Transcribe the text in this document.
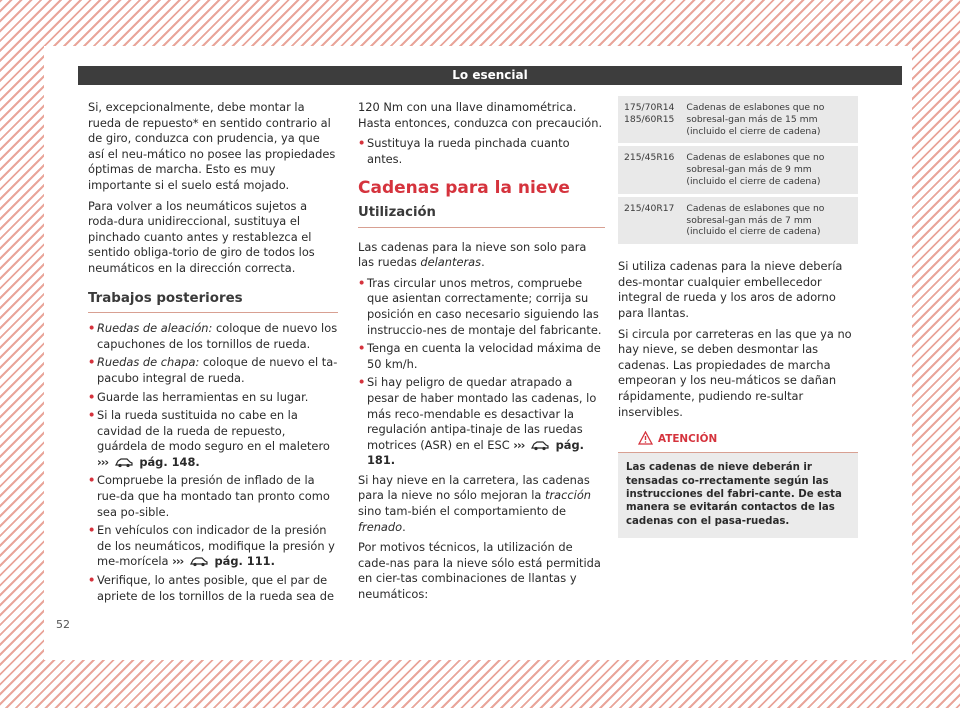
Lo esencial

Si, excepcionalmente, debe montar la rueda de repuesto* en sentido contrario al de giro, conduzca con prudencia, ya que así el neu-mático no posee las propiedades óptimas de marcha. Esto es muy importante si el suelo está mojado.

Para volver a los neumáticos sujetos a roda-dura unidireccional, sustituya el pinchado cuanto antes y restablezca el sentido obliga-torio de giro de todos los neumáticos en la dirección correcta.

Trabajos posteriores
• Ruedas de aleación: coloque de nuevo los capuchones de los tornillos de rueda.
• Ruedas de chapa: coloque de nuevo el ta-pacubo integral de rueda.
• Guarde las herramientas en su lugar.
• Si la rueda sustituida no cabe en la cavidad de la rueda de repuesto, guárdela de modo seguro en el maletero ›››	pág. 148.
• Compruebe la presión de inflado de la rue-da que ha montado tan pronto como sea po-sible.
• En vehículos con indicador de la presión de los neumáticos, modifique la presión y me-morícela ›››	pág. 111.
• Verifique, lo antes posible, que el par de apriete de los tornillos de la rueda sea de

120 Nm con una llave dinamométrica. Hasta entonces, conduzca con precaución.

• Sustituya la rueda pinchada cuanto antes.
Cadenas para la nieve
Utilización

Las cadenas para la nieve son solo para las ruedas delanteras.

• Tras circular unos metros, compruebe que asientan correctamente; corrija su posición en caso necesario siguiendo las instruccio-nes de montaje del fabricante.
• Tenga en cuenta la velocidad máxima de 50 km/h.
• Si hay peligro de quedar atrapado a pesar de haber montado las cadenas, lo más reco-mendable es desactivar la regulación antipa-tinaje de las ruedas motrices (ASR) en el ESC ›››	pág. 181.

Si hay nieve en la carretera, las cadenas para la nieve no sólo mejoran la tracción sino tam-bién el comportamiento de frenado.

Por motivos técnicos, la utilización de cade-nas para la nieve sólo está permitida en cier-tas combinaciones de llantas y neumáticos:

175/70R14 185/60R15	Cadenas de eslabones que no sobresal-gan más de 15 mm (incluido el cierre de cadena)
215/45R16	Cadenas de eslabones que no sobresal-gan más de 9 mm (incluido el cierre de cadena)
215/40R17	Cadenas de eslabones que no sobresal-gan más de 7 mm (incluido el cierre de cadena)

Si utiliza cadenas para la nieve debería des-montar cualquier embellecedor integral de rueda y los aros de adorno para llantas.

Si circula por carreteras en las que ya no hay nieve, se deben desmontar las cadenas. Las propiedades de marcha empeoran y los neu-máticos se dañan rápidamente, pudiendo re-sultar inservibles.

ATENCIÓN
Las cadenas de nieve deberán ir tensadas co-rrectamente según las instrucciones del fabri-cante. De esta manera se evitarán contactos de las cadenas con el pasa-ruedas.
52
